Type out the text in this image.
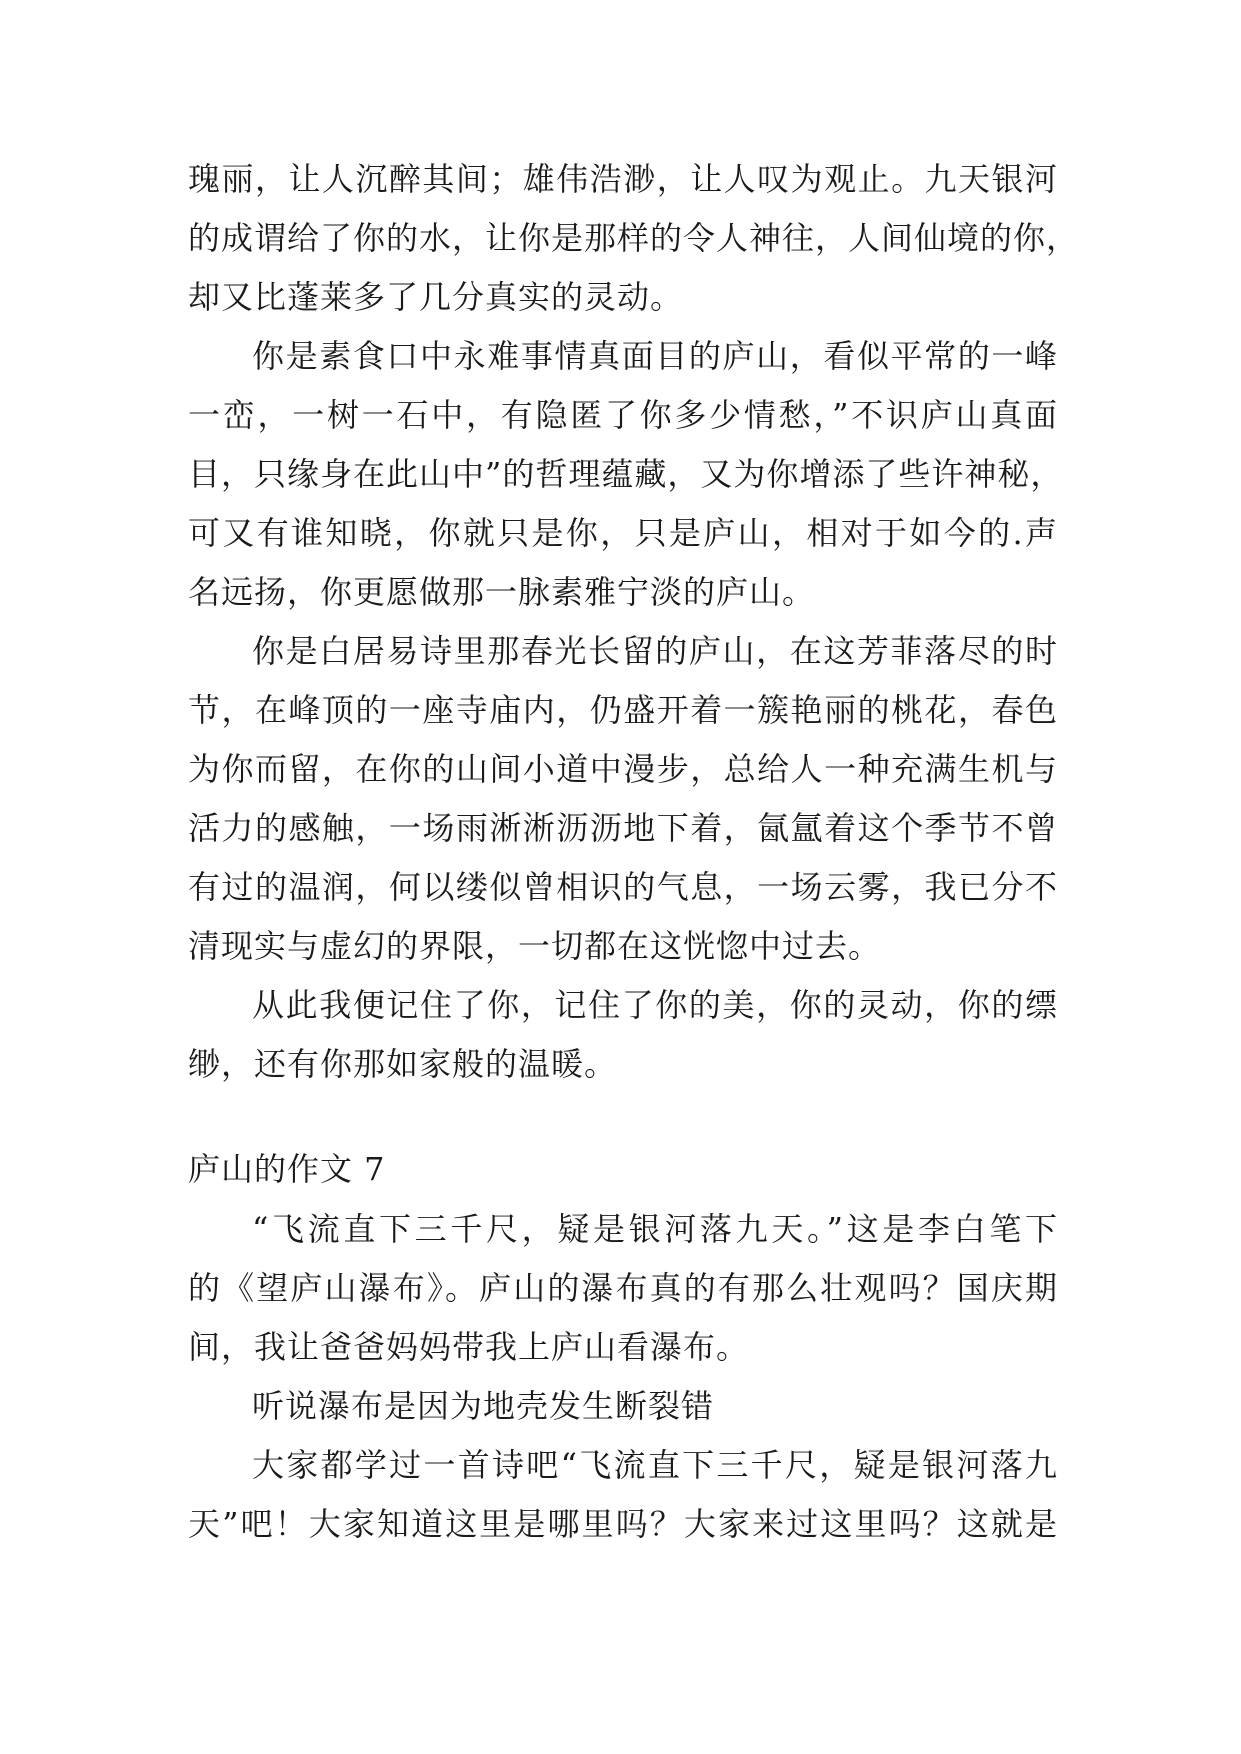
瑰丽，让人沉醉其间；雄伟浩渺，让人叹为观止。九天银河
的成谓给了你的水，让你是那样的令人神往，人间仙境的你，
却又比蓬莱多了几分真实的灵动。
你是素食口中永难事情真面目的庐山，看似平常的一峰
一峦，一树一石中，有隐匿了你多少情愁，”不识庐山真面
目，只缘身在此山中”的哲理蕴藏，又为你增添了些许神秘，
可又有谁知晓，你就只是你，只是庐山，相对于如今的.声
名远扬，你更愿做那一脉素雅宁淡的庐山。
你是白居易诗里那春光长留的庐山，在这芳菲落尽的时
节，在峰顶的一座寺庙内，仍盛开着一簇艳丽的桃花，春色
为你而留，在你的山间小道中漫步，总给人一种充满生机与
活力的感触，一场雨淅淅沥沥地下着，氤氲着这个季节不曾
有过的温润，何以缕似曾相识的气息，一场云雾，我已分不
清现实与虚幻的界限，一切都在这恍惚中过去。
从此我便记住了你，记住了你的美，你的灵动，你的缥
缈，还有你那如家般的温暖。
庐山的作文 7
“飞流直下三千尺，疑是银河落九天。”这是李白笔下
的《望庐山瀑布》。庐山的瀑布真的有那么壮观吗？国庆期
间，我让爸爸妈妈带我上庐山看瀑布。
听说瀑布是因为地壳发生断裂错
大家都学过一首诗吧“飞流直下三千尺，疑是银河落九
天”吧！大家知道这里是哪里吗？大家来过这里吗？这就是
